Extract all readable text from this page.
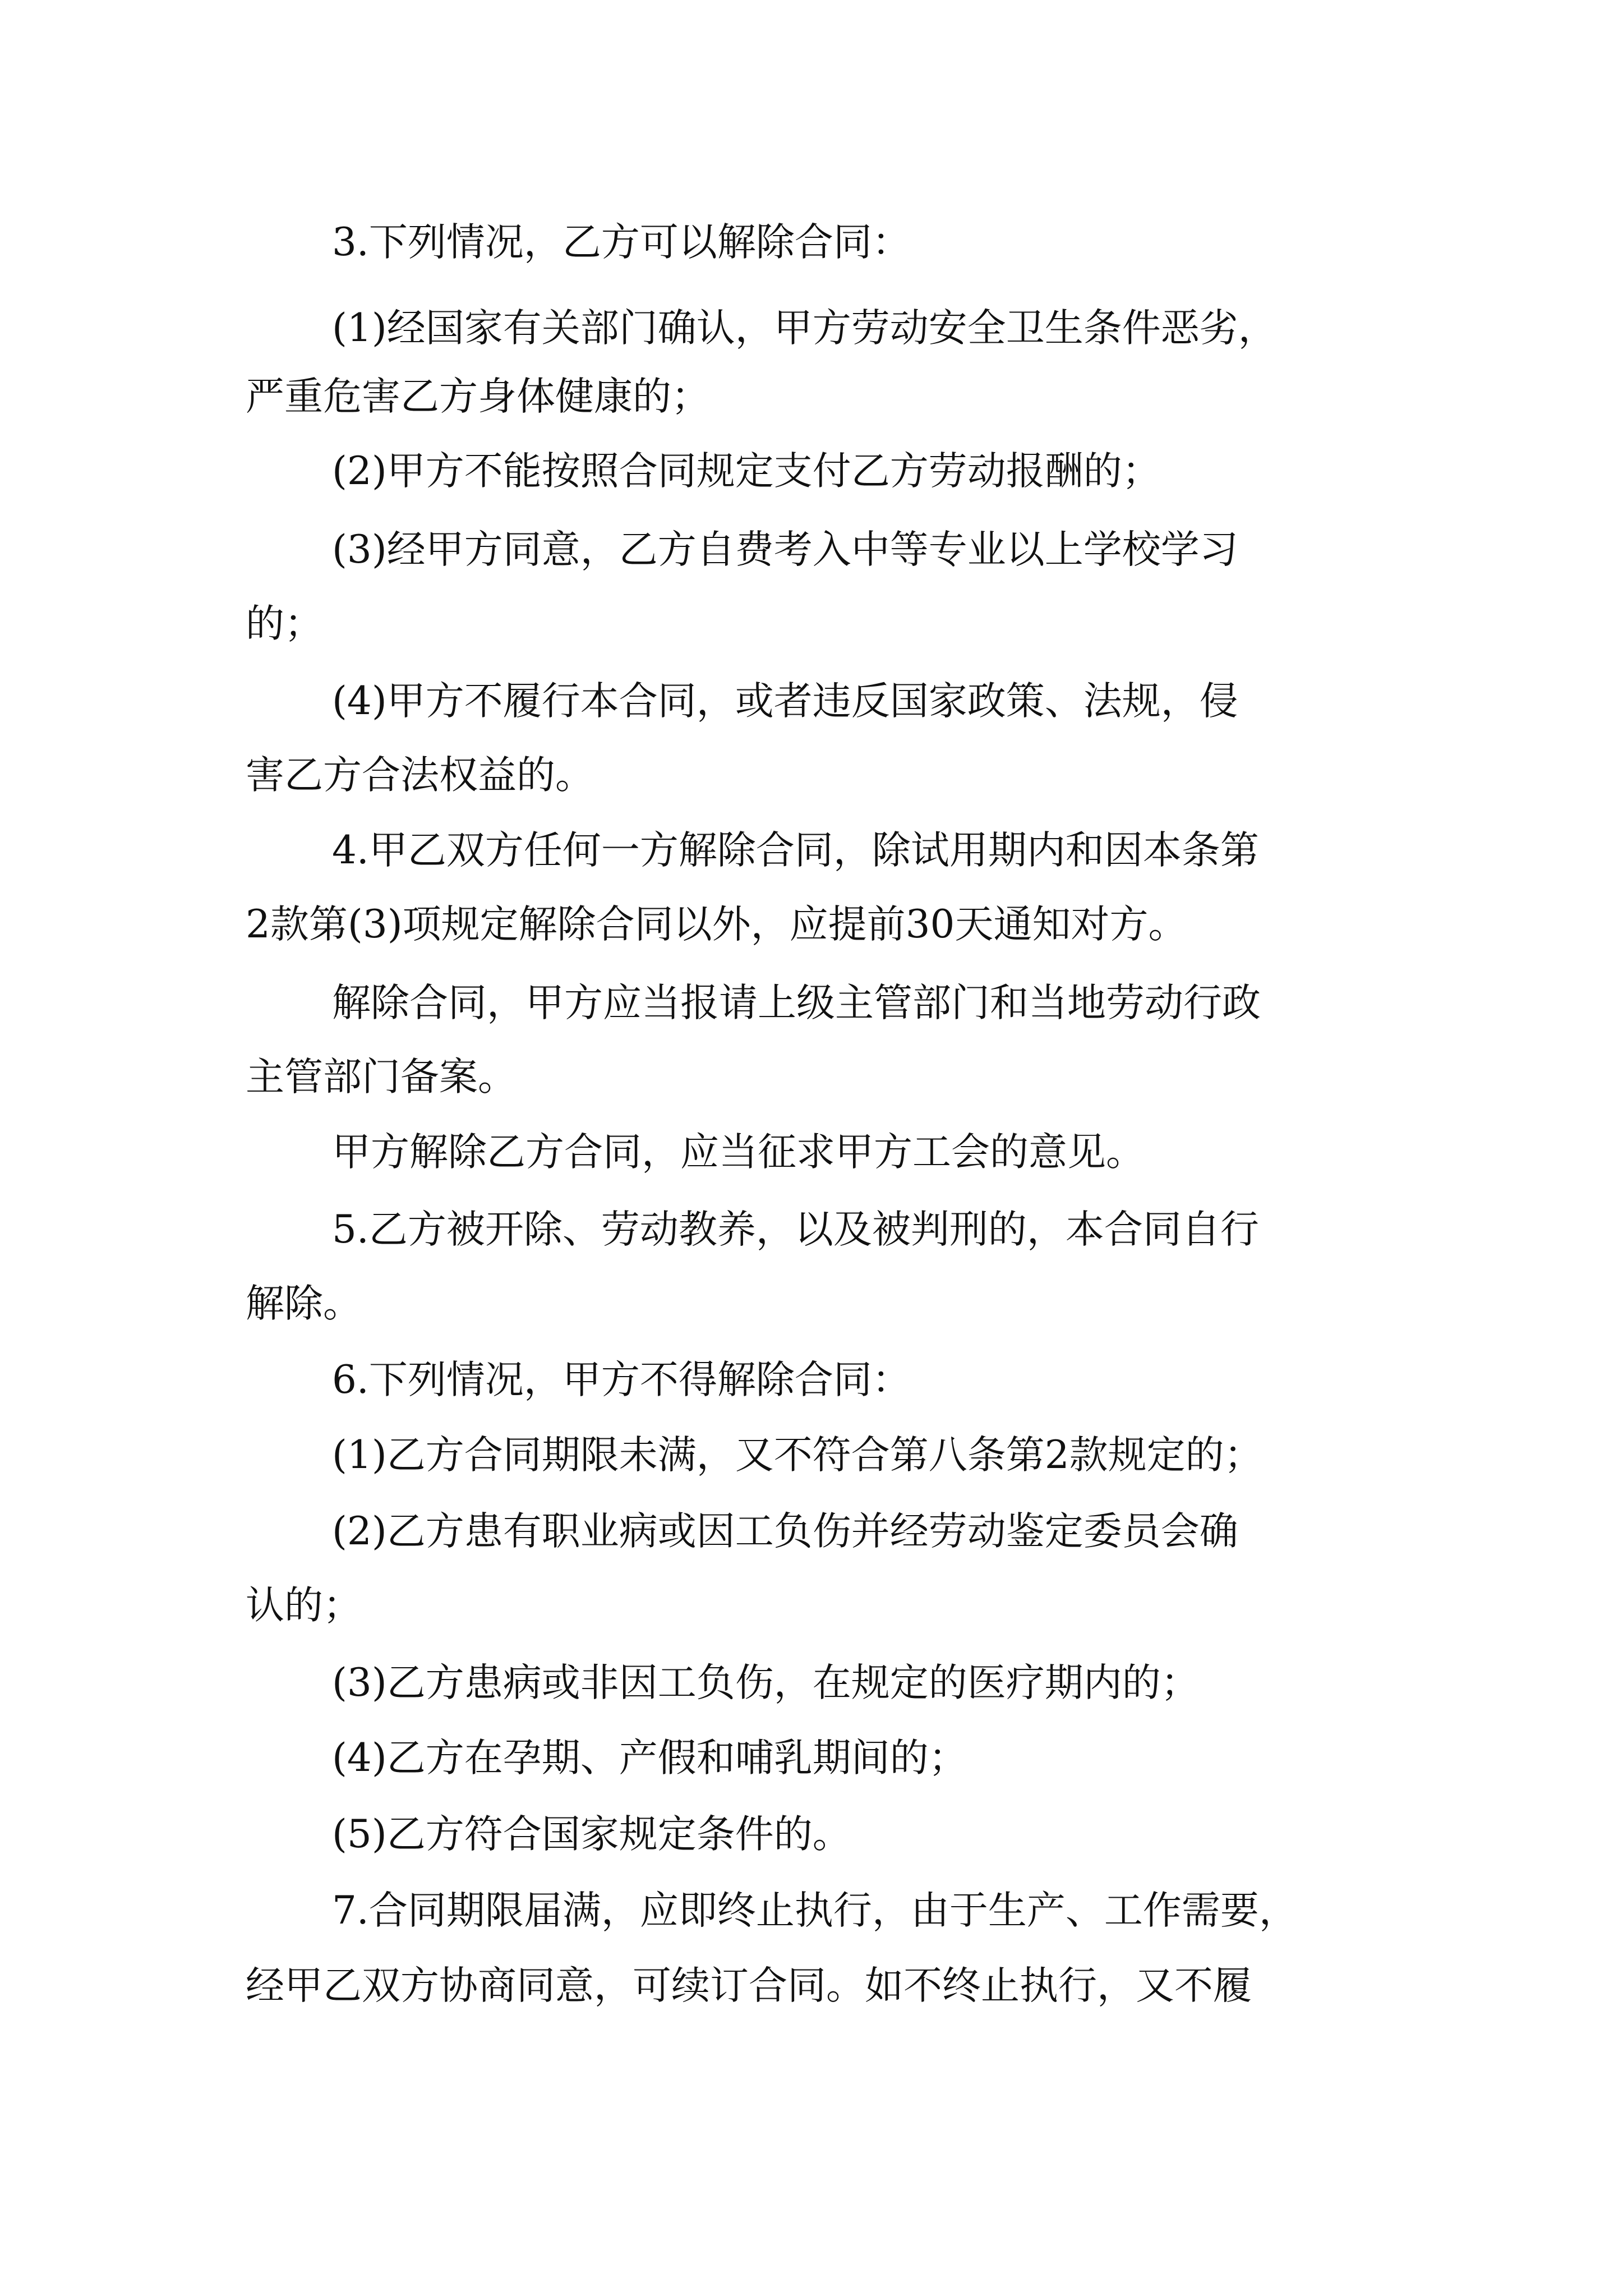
3.下列情况，乙方可以解除合同：
(1)经国家有关部门确认，甲方劳动安全卫生条件恶劣，
严重危害乙方身体健康的；
(2)甲方不能按照合同规定支付乙方劳动报酬的；
(3)经甲方同意，乙方自费考入中等专业以上学校学习
的；
(4)甲方不履行本合同，或者违反国家政策、法规，侵
害乙方合法权益的。
4.甲乙双方任何一方解除合同，除试用期内和因本条第
2款第(3)项规定解除合同以外，应提前30天通知对方。
解除合同，甲方应当报请上级主管部门和当地劳动行政
主管部门备案。
甲方解除乙方合同，应当征求甲方工会的意见。
5.乙方被开除、劳动教养，以及被判刑的，本合同自行
解除。
6.下列情况，甲方不得解除合同：
(1)乙方合同期限未满，又不符合第八条第2款规定的；
(2)乙方患有职业病或因工负伤并经劳动鉴定委员会确
认的；
(3)乙方患病或非因工负伤，在规定的医疗期内的；
(4)乙方在孕期、产假和哺乳期间的；
(5)乙方符合国家规定条件的。
7.合同期限届满，应即终止执行，由于生产、工作需要，
经甲乙双方协商同意，可续订合同。如不终止执行，又不履
